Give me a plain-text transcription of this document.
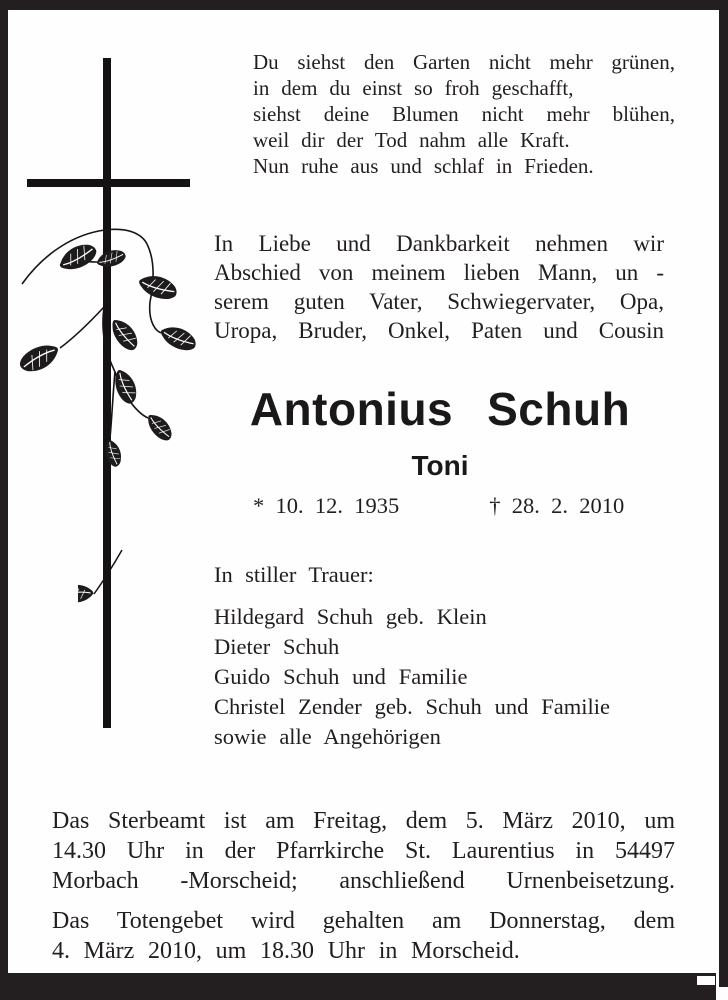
Du siehst den Garten nicht mehr grünen,
in dem du einst so froh geschafft,
siehst deine Blumen nicht mehr blühen,
weil dir der Tod nahm alle Kraft.
Nun ruhe aus und schlaf in Frieden.
In Liebe und Dankbarkeit nehmen wir
Abschied von meinem lieben Mann, un -
serem guten Vater, Schwiegervater, Opa,
Uropa, Bruder, Onkel, Paten und Cousin
Antonius Schuh
Toni
* 10. 12. 1935	† 28. 2. 2010
In stiller Trauer:
Hildegard Schuh geb. Klein
Dieter Schuh
Guido Schuh und Familie
Christel Zender geb. Schuh und Familie
sowie alle Angehörigen
Das Sterbeamt ist am Freitag, dem 5. März 2010, um
14.30 Uhr in der Pfarrkirche St. Laurentius in 54497
Morbach -Morscheid; anschließend Urnenbeisetzung.
Das Totengebet wird gehalten am Donnerstag, dem
4. März 2010, um 18.30 Uhr in Morscheid.
